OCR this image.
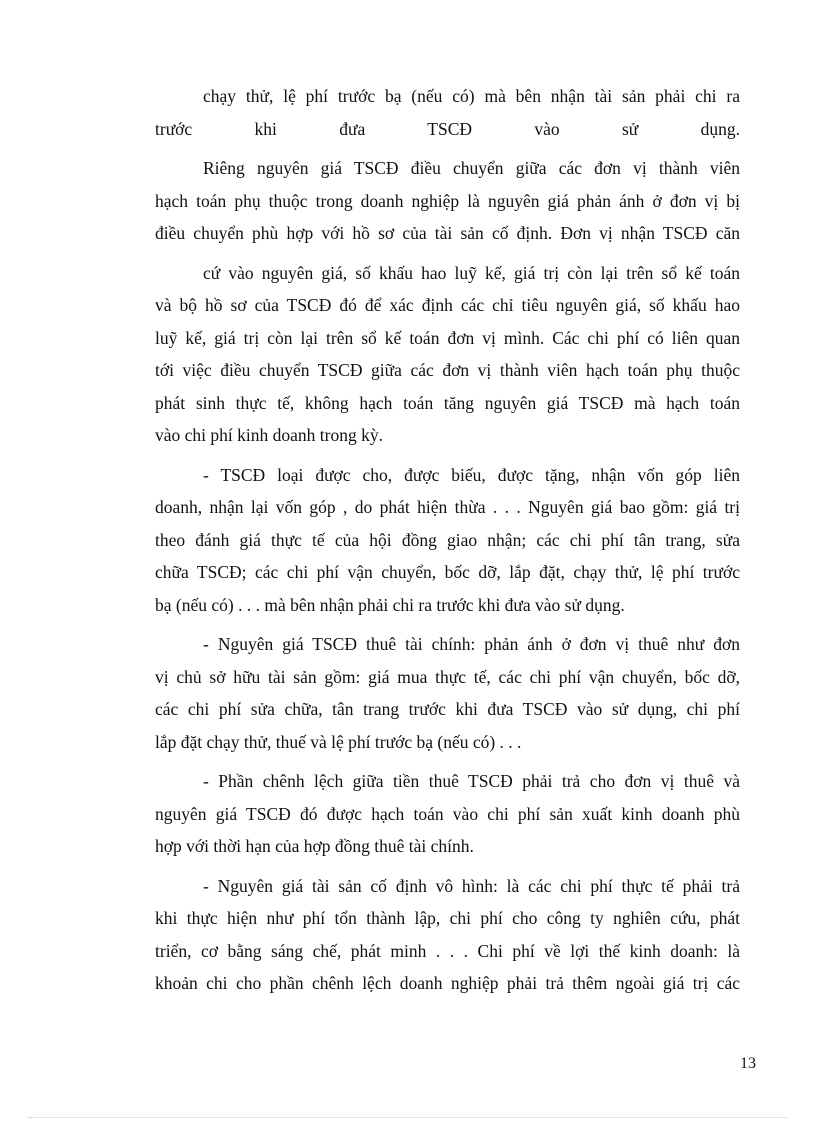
chạy thử, lệ phí trước bạ (nếu có) mà bên nhận tài sản phải chi ra
trước khi đưa TSCĐ vào sử dụng.
Riêng nguyên giá TSCĐ điều chuyển giữa các đơn vị thành viên
hạch toán phụ thuộc trong doanh nghiệp là nguyên giá phản ánh ở đơn vị bị
điều chuyển phù hợp với hồ sơ của tài sản cố định. Đơn vị nhận TSCĐ căn
cứ vào nguyên giá, số khấu hao luỹ kế, giá trị còn lại trên sổ kế toán
và bộ hồ sơ của TSCĐ đó để xác định các chỉ tiêu nguyên giá, số khấu hao
luỹ kế, giá trị còn lại trên sổ kế toán đơn vị mình. Các chi phí có liên quan
tới việc điều chuyển TSCĐ giữa các đơn vị thành viên hạch toán phụ thuộc
phát sinh thực tế, không hạch toán tăng nguyên giá TSCĐ mà hạch toán
vào chi phí kinh doanh trong kỳ.
- TSCĐ loại được cho, được biếu, được tặng, nhận vốn góp liên
doanh, nhận lại vốn góp , do phát hiện thừa . . . Nguyên giá bao gồm: giá trị
theo đánh giá thực tế của hội đồng giao nhận; các chi phí tân trang, sửa
chữa TSCĐ; các chi phí vận chuyển, bốc dỡ, lắp đặt, chạy thử, lệ phí trước
bạ (nếu có) . . . mà bên nhận phải chi ra trước khi đưa vào sử dụng.
- Nguyên giá TSCĐ thuê tài chính: phản ánh ở đơn vị thuê như đơn
vị chủ sở hữu tài sản gồm: giá mua thực tế, các chi phí vận chuyển, bốc dỡ,
các chi phí sửa chữa, tân trang trước khi đưa TSCĐ vào sử dụng, chi phí
lắp đặt chạy thử, thuế và lệ phí trước bạ (nếu có) . . .
- Phần chênh lệch giữa tiền thuê TSCĐ phải trả cho đơn vị thuê và
nguyên giá TSCĐ đó được hạch toán vào chi phí sản xuất kinh doanh phù
hợp với thời hạn của hợp đồng thuê tài chính.
- Nguyên giá tài sản cố định vô hình: là các chi phí thực tế phải trả
khi thực hiện như phí tổn thành lập, chi phí cho công ty nghiên cứu, phát
triển, cơ bằng sáng chế, phát minh . . . Chi phí về lợi thế kinh doanh: là
khoản chi cho phần chênh lệch doanh nghiệp phải trả thêm ngoài giá trị các
13
